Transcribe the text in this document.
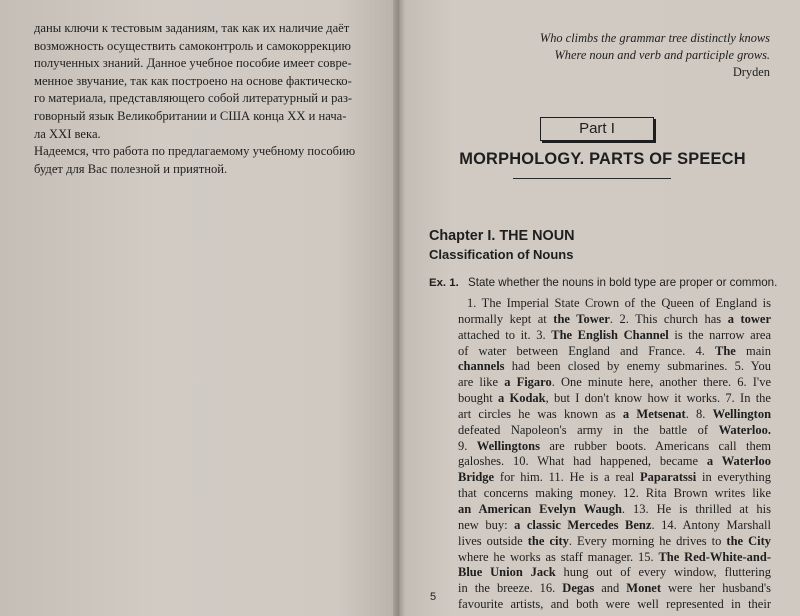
даны ключи к тестовым заданиям, так как их наличие даёт
возможность осуществить самоконтроль и самокоррекцию
полученных знаний. Данное учебное пособие имеет совре-
менное звучание, так как построено на основе фактическо-
го материала, представляющего собой литературный и раз-
говорный язык Великобритании и США конца XX и нача-
ла XXI века.
Надеемся, что работа по предлагаемому учебному пособию
будет для Вас полезной и приятной.
Who climbs the grammar tree distinctly knows
Where noun and verb and participle grows.
Dryden
Part I
MORPHOLOGY. PARTS OF SPEECH
Chapter I. THE NOUN
Classification of Nouns
Ex. 1. State whether the nouns in bold type are proper or common.
1. The Imperial State Crown of the Queen of England is
normally kept at the Tower. 2. This church has a tower
attached to it. 3. The English Channel is the narrow area
of water between England and France. 4. The main
channels had been closed by enemy submarines. 5. You
are like a Figaro. One minute here, another there. 6. I've
bought a Kodak, but I don't know how it works. 7. In the
art circles he was known as a Metsenat. 8. Wellington
defeated Napoleon's army in the battle of Waterloo.
9. Wellingtons are rubber boots. Americans call them
galoshes. 10. What had happened, became a Waterloo
Bridge for him. 11. He is a real Paparatssi in everything
that concerns making money. 12. Rita Brown writes like
an American Evelyn Waugh. 13. He is thrilled at his
new buy: a classic Mercedes Benz. 14. Antony Marshall
lives outside the city. Every morning he drives to the City
where he works as staff manager. 15. The Red-White-and-
Blue Union Jack hung out of every window, fluttering
in the breeze. 16. Degas and Monet were her husband's
favourite artists, and both were well represented in their
5
